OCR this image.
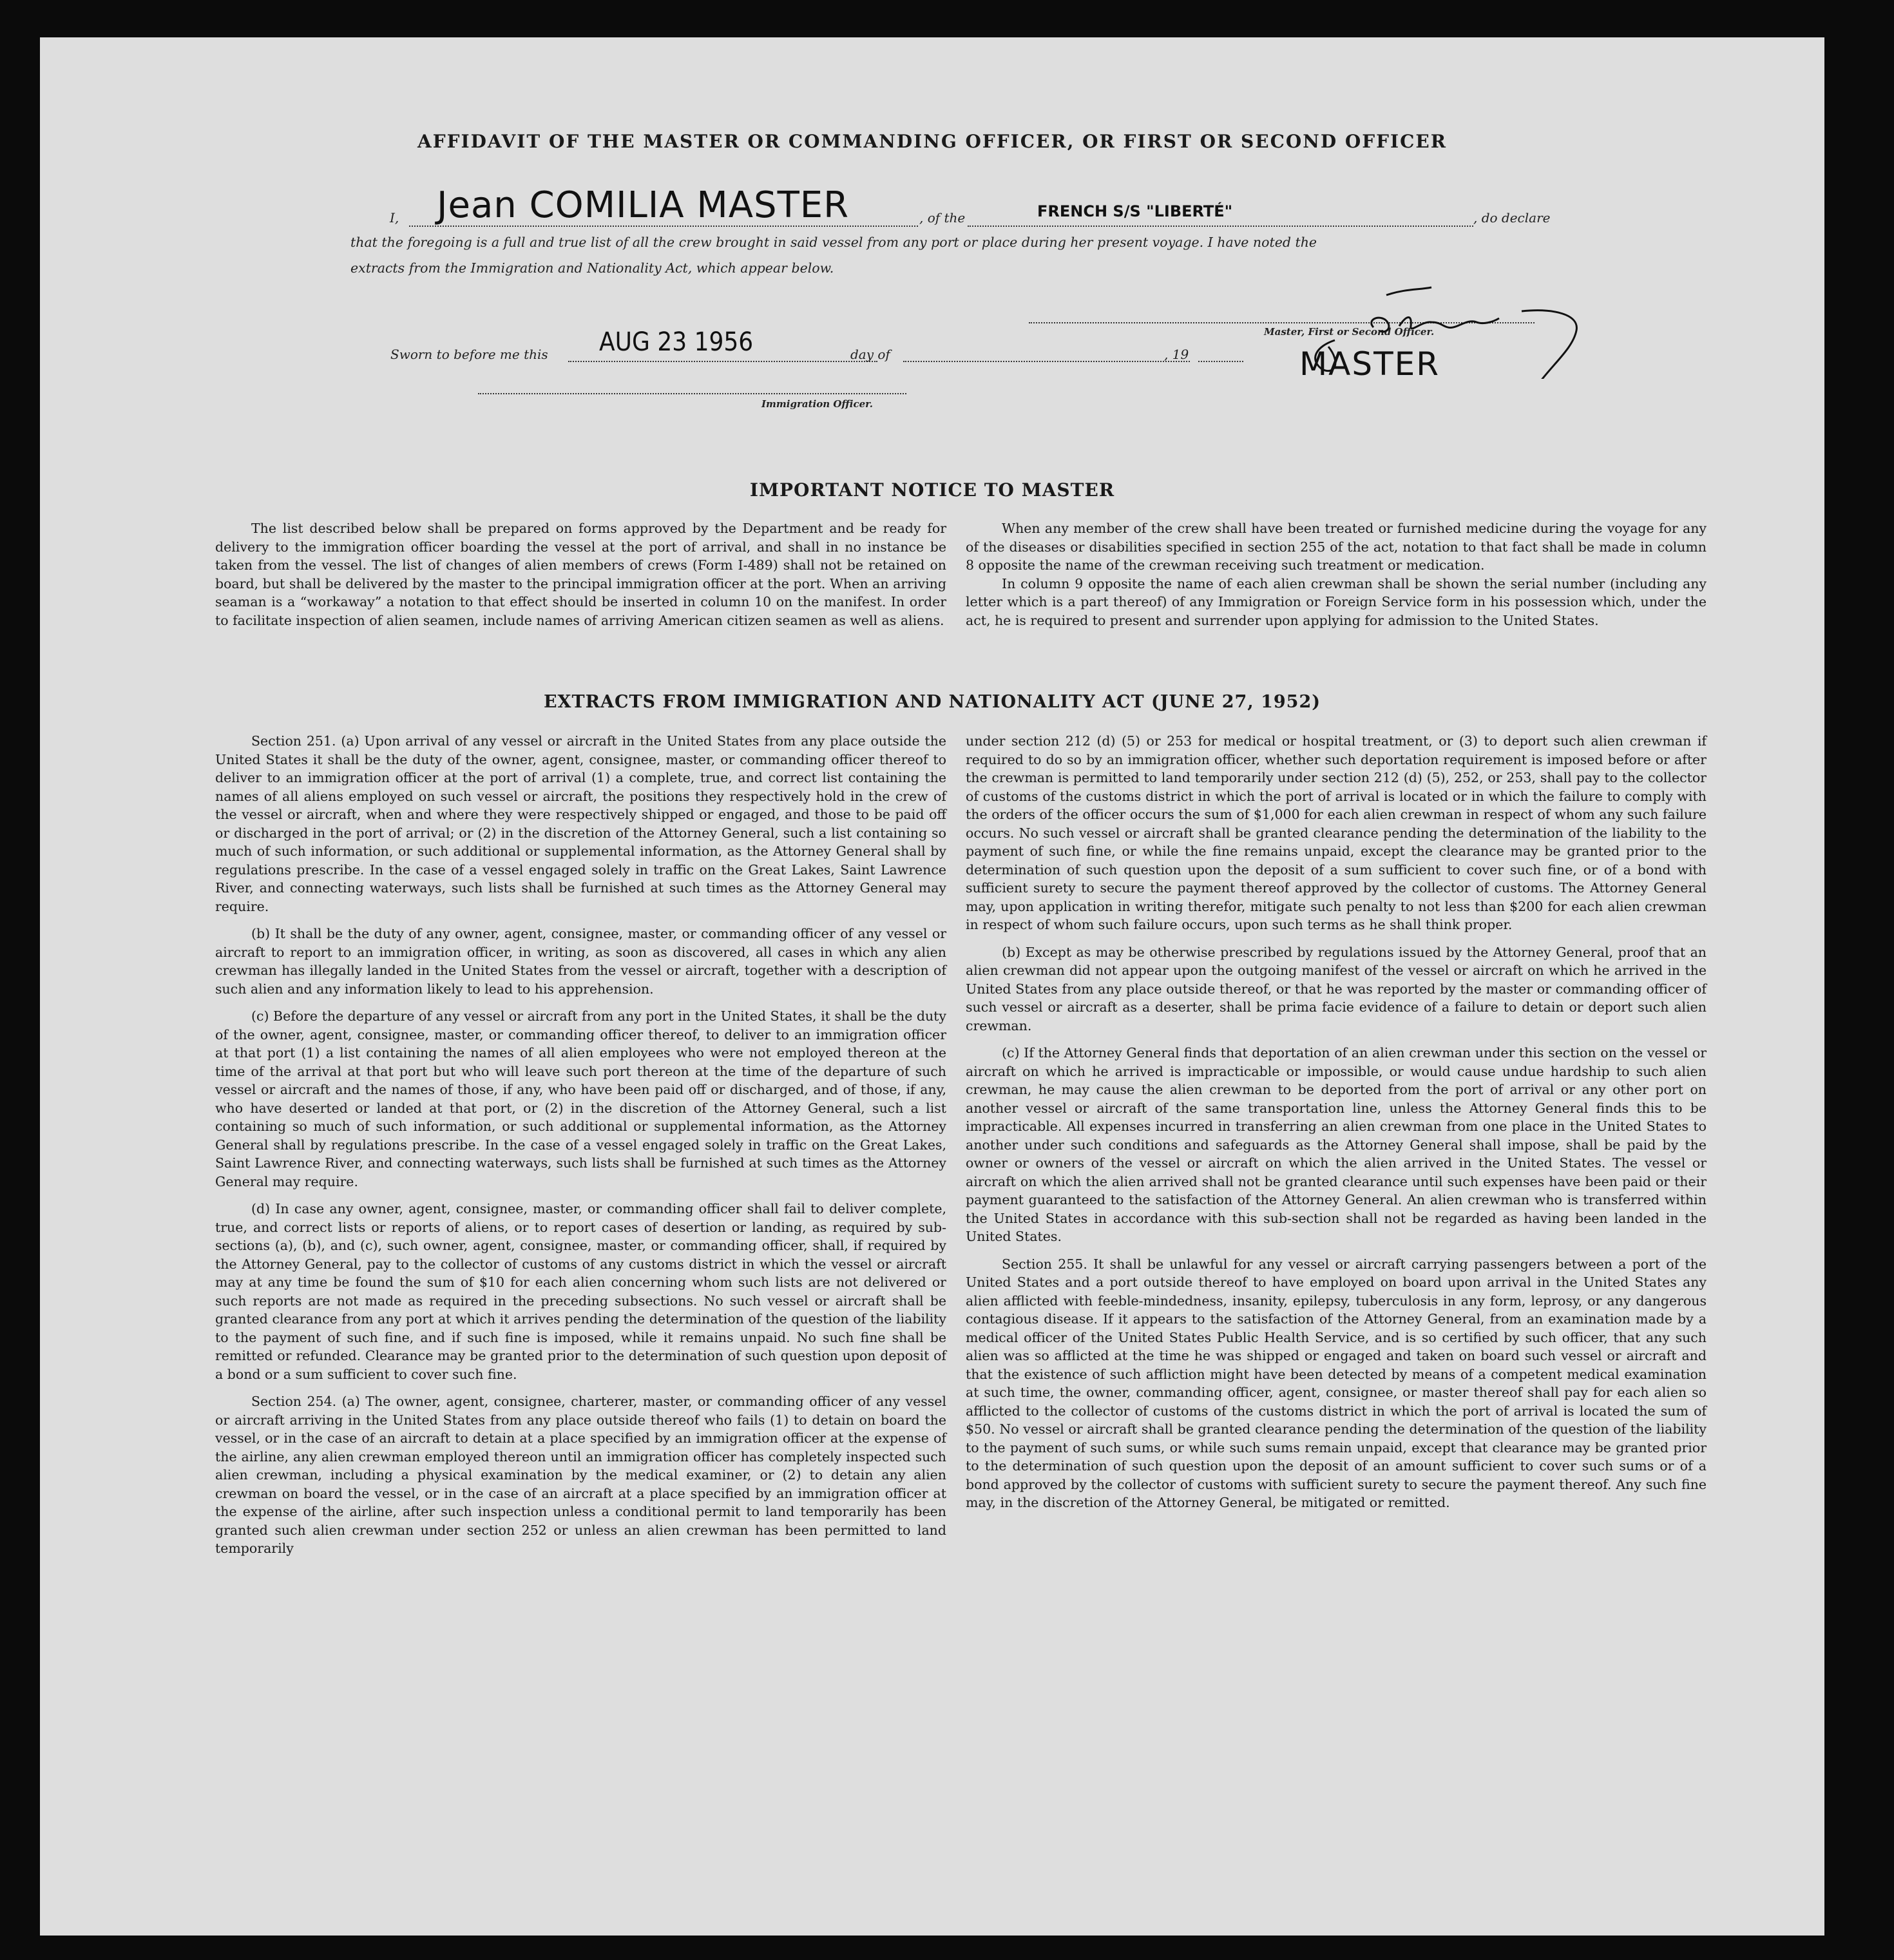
AFFIDAVIT OF THE MASTER OR COMMANDING OFFICER, OR FIRST OR SECOND OFFICER
I, Jean COMILIA MASTER	, of the	FRENCH S/S "LIBERTÉ"	, do declare
that the foregoing is a full and true list of all the crew brought in said vessel from any port or place during her present voyage. I have noted the
extracts from the Immigration and Nationality Act, which appear below.
Sworn to before me this AUG 23 1956	day of	, 19
Master, First or Second Officer.
MASTER
Immigration Officer.
IMPORTANT NOTICE TO MASTER

The list described below shall be prepared on forms approved by the Department and be ready for delivery to the immigration officer boarding the vessel at the port of arrival, and shall in no instance be taken from the vessel. The list of changes of alien members of crews (Form I-489) shall not be retained on board, but shall be delivered by the master to the principal immigration officer at the port. When an arriving seaman is a “workaway” a notation to that effect should be inserted in column 10 on the manifest. In order to facilitate inspection of alien seamen, include names of arriving American citizen seamen as well as aliens.

When any member of the crew shall have been treated or furnished medicine during the voyage for any of the diseases or disabilities specified in section 255 of the act, notation to that fact shall be made in column 8 opposite the name of the crewman receiving such treatment or medication.

In column 9 opposite the name of each alien crewman shall be shown the serial number (including any letter which is a part thereof) of any Immigration or Foreign Service form in his possession which, under the act, he is required to present and surrender upon applying for admission to the United States.

EXTRACTS FROM IMMIGRATION AND NATIONALITY ACT (JUNE 27, 1952)

Section 251. (a) Upon arrival of any vessel or aircraft in the United States from any place outside the United States it shall be the duty of the owner, agent, consignee, master, or commanding officer thereof to deliver to an immigration officer at the port of arrival (1) a complete, true, and correct list containing the names of all aliens employed on such vessel or aircraft, the positions they respectively hold in the crew of the vessel or aircraft, when and where they were respectively shipped or engaged, and those to be paid off or discharged in the port of arrival; or (2) in the discretion of the Attorney General, such a list containing so much of such information, or such additional or supplemental information, as the Attorney General shall by regulations prescribe. In the case of a vessel engaged solely in traffic on the Great Lakes, Saint Lawrence River, and connecting waterways, such lists shall be furnished at such times as the Attorney General may require.

(b) It shall be the duty of any owner, agent, consignee, master, or commanding officer of any vessel or aircraft to report to an immigration officer, in writing, as soon as discovered, all cases in which any alien crewman has illegally landed in the United States from the vessel or aircraft, together with a description of such alien and any information likely to lead to his apprehension.

(c) Before the departure of any vessel or aircraft from any port in the United States, it shall be the duty of the owner, agent, consignee, master, or commanding officer thereof, to deliver to an immigration officer at that port (1) a list containing the names of all alien employees who were not employed thereon at the time of the arrival at that port but who will leave such port thereon at the time of the departure of such vessel or aircraft and the names of those, if any, who have been paid off or discharged, and of those, if any, who have deserted or landed at that port, or (2) in the discretion of the Attorney General, such a list containing so much of such information, or such additional or supplemental information, as the Attorney General shall by regulations prescribe. In the case of a vessel engaged solely in traffic on the Great Lakes, Saint Lawrence River, and connecting waterways, such lists shall be furnished at such times as the Attorney General may require.

(d) In case any owner, agent, consignee, master, or commanding officer shall fail to deliver complete, true, and correct lists or reports of aliens, or to report cases of desertion or landing, as required by sub-sections (a), (b), and (c), such owner, agent, consignee, master, or commanding officer, shall, if required by the Attorney General, pay to the collector of customs of any customs district in which the vessel or aircraft may at any time be found the sum of $10 for each alien concerning whom such lists are not delivered or such reports are not made as required in the preceding subsections. No such vessel or aircraft shall be granted clearance from any port at which it arrives pending the determination of the question of the liability to the payment of such fine, and if such fine is imposed, while it remains unpaid. No such fine shall be remitted or refunded. Clearance may be granted prior to the determination of such question upon deposit of a bond or a sum sufficient to cover such fine.

Section 254. (a) The owner, agent, consignee, charterer, master, or commanding officer of any vessel or aircraft arriving in the United States from any place outside thereof who fails (1) to detain on board the vessel, or in the case of an aircraft to detain at a place specified by an immigration officer at the expense of the airline, any alien crewman employed thereon until an immigration officer has completely inspected such alien crewman, including a physical examination by the medical examiner, or (2) to detain any alien crewman on board the vessel, or in the case of an aircraft at a place specified by an immigration officer at the expense of the airline, after such inspection unless a conditional permit to land temporarily has been granted such alien crewman under section 252 or unless an alien crewman has been permitted to land temporarily

under section 212 (d) (5) or 253 for medical or hospital treatment, or (3) to deport such alien crewman if required to do so by an immigration officer, whether such deportation requirement is imposed before or after the crewman is permitted to land temporarily under section 212 (d) (5), 252, or 253, shall pay to the collector of customs of the customs district in which the port of arrival is located or in which the failure to comply with the orders of the officer occurs the sum of $1,000 for each alien crewman in respect of whom any such failure occurs. No such vessel or aircraft shall be granted clearance pending the determination of the liability to the payment of such fine, or while the fine remains unpaid, except the clearance may be granted prior to the determination of such question upon the deposit of a sum sufficient to cover such fine, or of a bond with sufficient surety to secure the payment thereof approved by the collector of customs. The Attorney General may, upon application in writing therefor, mitigate such penalty to not less than $200 for each alien crewman in respect of whom such failure occurs, upon such terms as he shall think proper.

(b) Except as may be otherwise prescribed by regulations issued by the Attorney General, proof that an alien crewman did not appear upon the outgoing manifest of the vessel or aircraft on which he arrived in the United States from any place outside thereof, or that he was reported by the master or commanding officer of such vessel or aircraft as a deserter, shall be prima facie evidence of a failure to detain or deport such alien crewman.

(c) If the Attorney General finds that deportation of an alien crewman under this section on the vessel or aircraft on which he arrived is impracticable or impossible, or would cause undue hardship to such alien crewman, he may cause the alien crewman to be deported from the port of arrival or any other port on another vessel or aircraft of the same transportation line, unless the Attorney General finds this to be impracticable. All expenses incurred in transferring an alien crewman from one place in the United States to another under such conditions and safeguards as the Attorney General shall impose, shall be paid by the owner or owners of the vessel or aircraft on which the alien arrived in the United States. The vessel or aircraft on which the alien arrived shall not be granted clearance until such expenses have been paid or their payment guaranteed to the satisfaction of the Attorney General. An alien crewman who is transferred within the United States in accordance with this sub-section shall not be regarded as having been landed in the United States.

Section 255. It shall be unlawful for any vessel or aircraft carrying passengers between a port of the United States and a port outside thereof to have employed on board upon arrival in the United States any alien afflicted with feeble-mindedness, insanity, epilepsy, tuberculosis in any form, leprosy, or any dangerous contagious disease. If it appears to the satisfaction of the Attorney General, from an examination made by a medical officer of the United States Public Health Service, and is so certified by such officer, that any such alien was so afflicted at the time he was shipped or engaged and taken on board such vessel or aircraft and that the existence of such affliction might have been detected by means of a competent medical examination at such time, the owner, commanding officer, agent, consignee, or master thereof shall pay for each alien so afflicted to the collector of customs of the customs district in which the port of arrival is located the sum of $50. No vessel or aircraft shall be granted clearance pending the determination of the question of the liability to the payment of such sums, or while such sums remain unpaid, except that clearance may be granted prior to the determination of such question upon the deposit of an amount sufficient to cover such sums or of a bond approved by the collector of customs with sufficient surety to secure the payment thereof. Any such fine may, in the discretion of the Attorney General, be mitigated or remitted.
